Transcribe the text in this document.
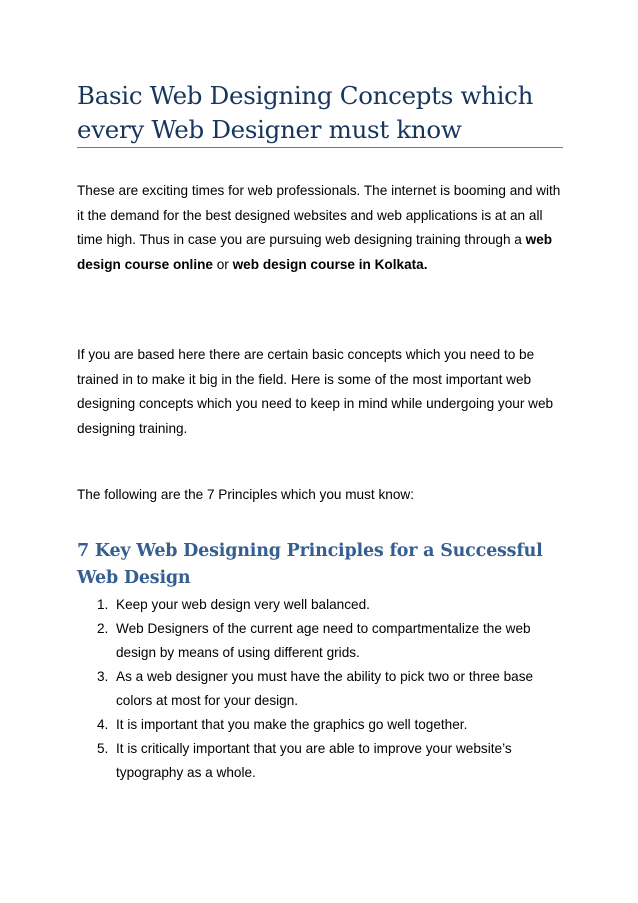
Basic Web Designing Concepts which every Web Designer must know

These are exciting times for web professionals. The internet is booming and with it the demand for the best designed websites and web applications is at an all time high. Thus in case you are pursuing web designing training through a web design course online or web design course in Kolkata.

If you are based here there are certain basic concepts which you need to be trained in to make it big in the field. Here is some of the most important web designing concepts which you need to keep in mind while undergoing your web designing training.

The following are the 7 Principles which you must know:

7 Key Web Designing Principles for a Successful Web Design
1. Keep your web design very well balanced.
2. Web Designers of the current age need to compartmentalize the web design by means of using different grids.
3. As a web designer you must have the ability to pick two or three base colors at most for your design.
4. It is important that you make the graphics go well together.
5. It is critically important that you are able to improve your website’s typography as a whole.
